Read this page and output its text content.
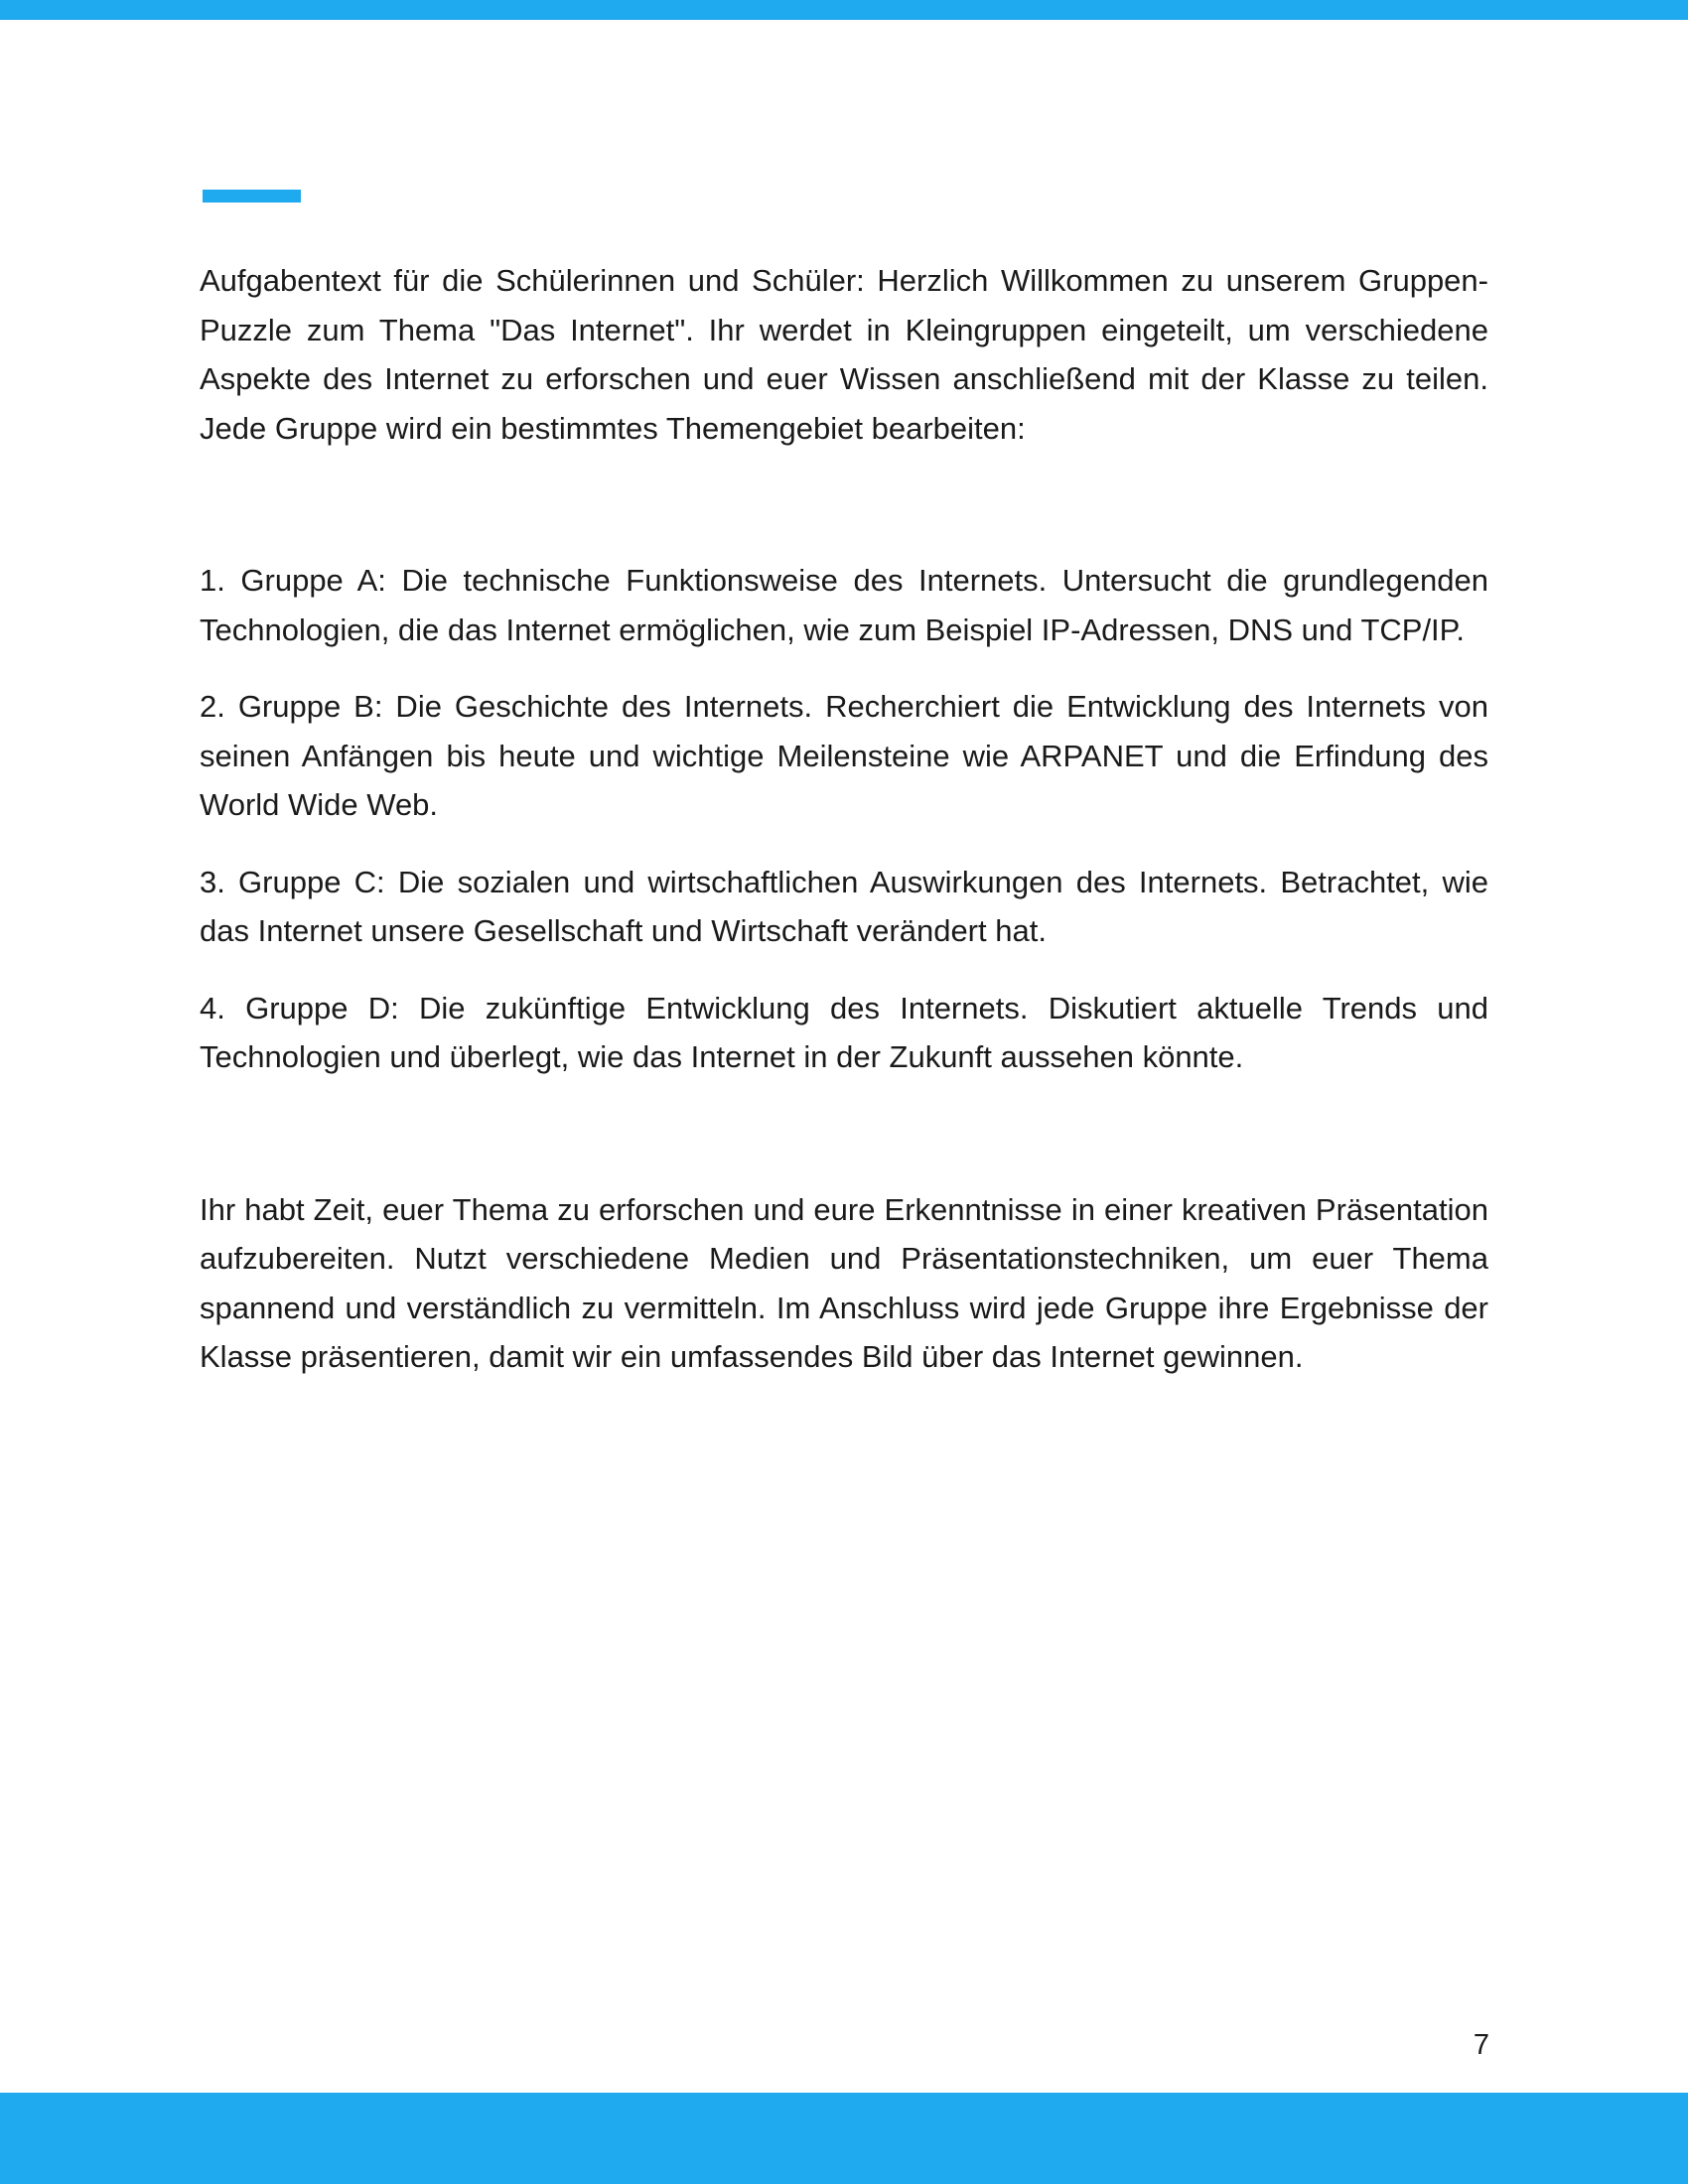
Aufgabentext für die Schülerinnen und Schüler: Herzlich Willkommen zu unserem Gruppen-Puzzle zum Thema "Das Internet". Ihr werdet in Kleingruppen eingeteilt, um verschiedene Aspekte des Internet zu erforschen und euer Wissen anschließend mit der Klasse zu teilen. Jede Gruppe wird ein bestimmtes Themengebiet bearbeiten:

1. Gruppe A: Die technische Funktionsweise des Internets. Untersucht die grundlegenden Technologien, die das Internet ermöglichen, wie zum Beispiel IP-Adressen, DNS und TCP/IP.

2. Gruppe B: Die Geschichte des Internets. Recherchiert die Entwicklung des Internets von seinen Anfängen bis heute und wichtige Meilensteine wie ARPANET und die Erfindung des World Wide Web.

3. Gruppe C: Die sozialen und wirtschaftlichen Auswirkungen des Internets. Betrachtet, wie das Internet unsere Gesellschaft und Wirtschaft verändert hat.

4. Gruppe D: Die zukünftige Entwicklung des Internets. Diskutiert aktuelle Trends und Technologien und überlegt, wie das Internet in der Zukunft aussehen könnte.

Ihr habt Zeit, euer Thema zu erforschen und eure Erkenntnisse in einer kreativen Präsentation aufzubereiten. Nutzt verschiedene Medien und Präsentationstechniken, um euer Thema spannend und verständlich zu vermitteln. Im Anschluss wird jede Gruppe ihre Ergebnisse der Klasse präsentieren, damit wir ein umfassendes Bild über das Internet gewinnen.

7
